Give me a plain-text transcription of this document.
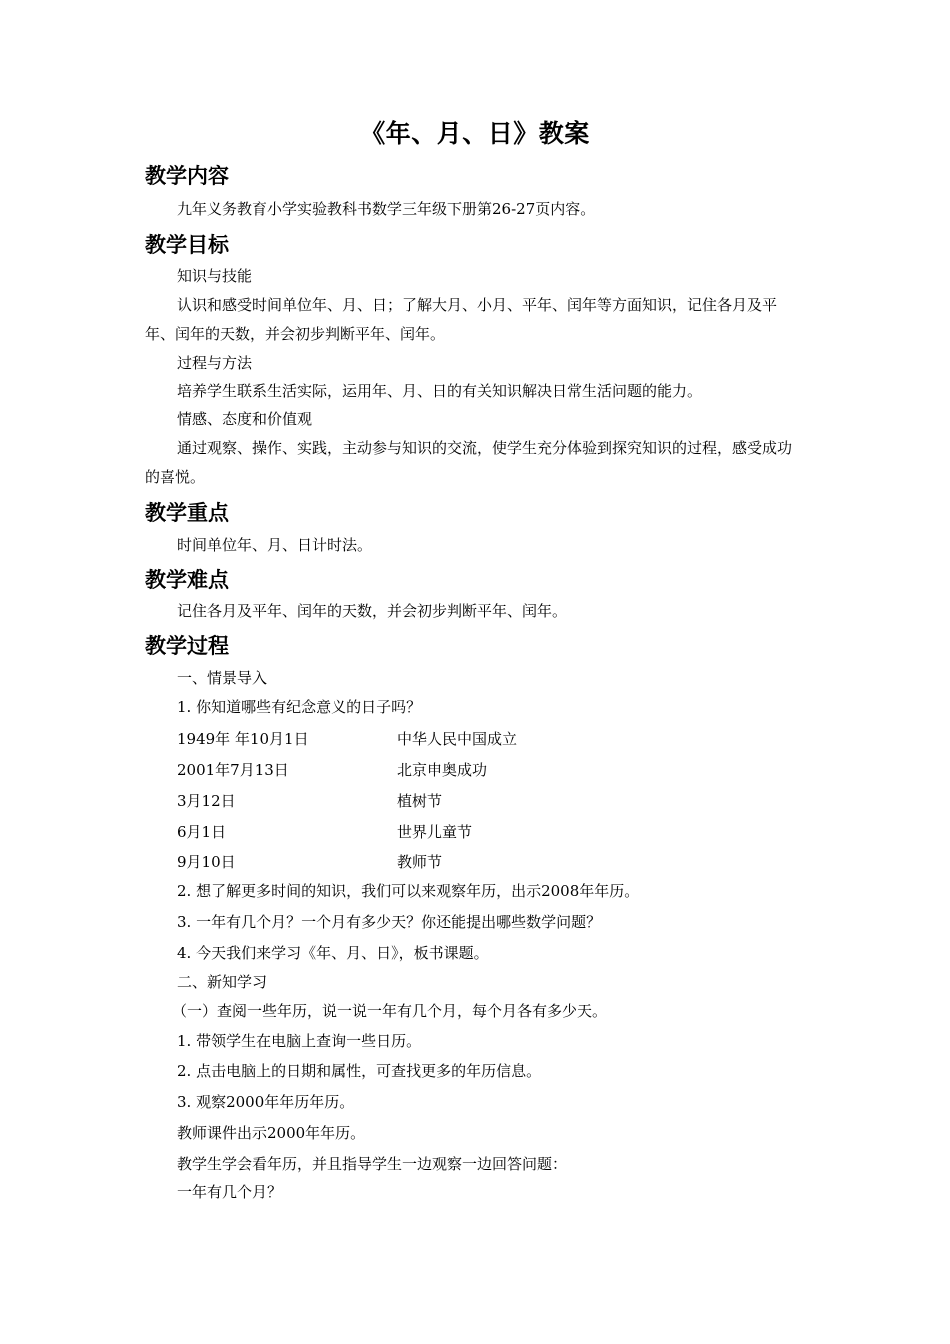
《年、月、日》教案
教学内容
九年义务教育小学实验教科书数学三年级下册第26-27页内容。
教学目标
知识与技能
认识和感受时间单位年、月、日；了解大月、小月、平年、闰年等方面知识，记住各月及平年、闰年的天数，并会初步判断平年、闰年。
过程与方法
培养学生联系生活实际，运用年、月、日的有关知识解决日常生活问题的能力。
情感、态度和价值观
通过观察、操作、实践，主动参与知识的交流，使学生充分体验到探究知识的过程，感受成功的喜悦。
教学重点
时间单位年、月、日计时法。
教学难点
记住各月及平年、闰年的天数，并会初步判断平年、闰年。
教学过程
一、情景导入
1. 你知道哪些有纪念意义的日子吗？
1949年 年10月1日	中华人民中国成立
2001年7月13日	北京申奥成功
3月12日	植树节
6月1日	世界儿童节
9月10日	教师节
2. 想了解更多时间的知识，我们可以来观察年历，出示2008年年历。
3. 一年有几个月？一个月有多少天？你还能提出哪些数学问题？
4. 今天我们来学习《年、月、日》，板书课题。
二、新知学习
（一）查阅一些年历，说一说一年有几个月，每个月各有多少天。
1. 带领学生在电脑上查询一些日历。
2. 点击电脑上的日期和属性，可查找更多的年历信息。
3. 观察2000年年历年历。
教师课件出示2000年年历。
教学生学会看年历，并且指导学生一边观察一边回答问题：
一年有几个月？
